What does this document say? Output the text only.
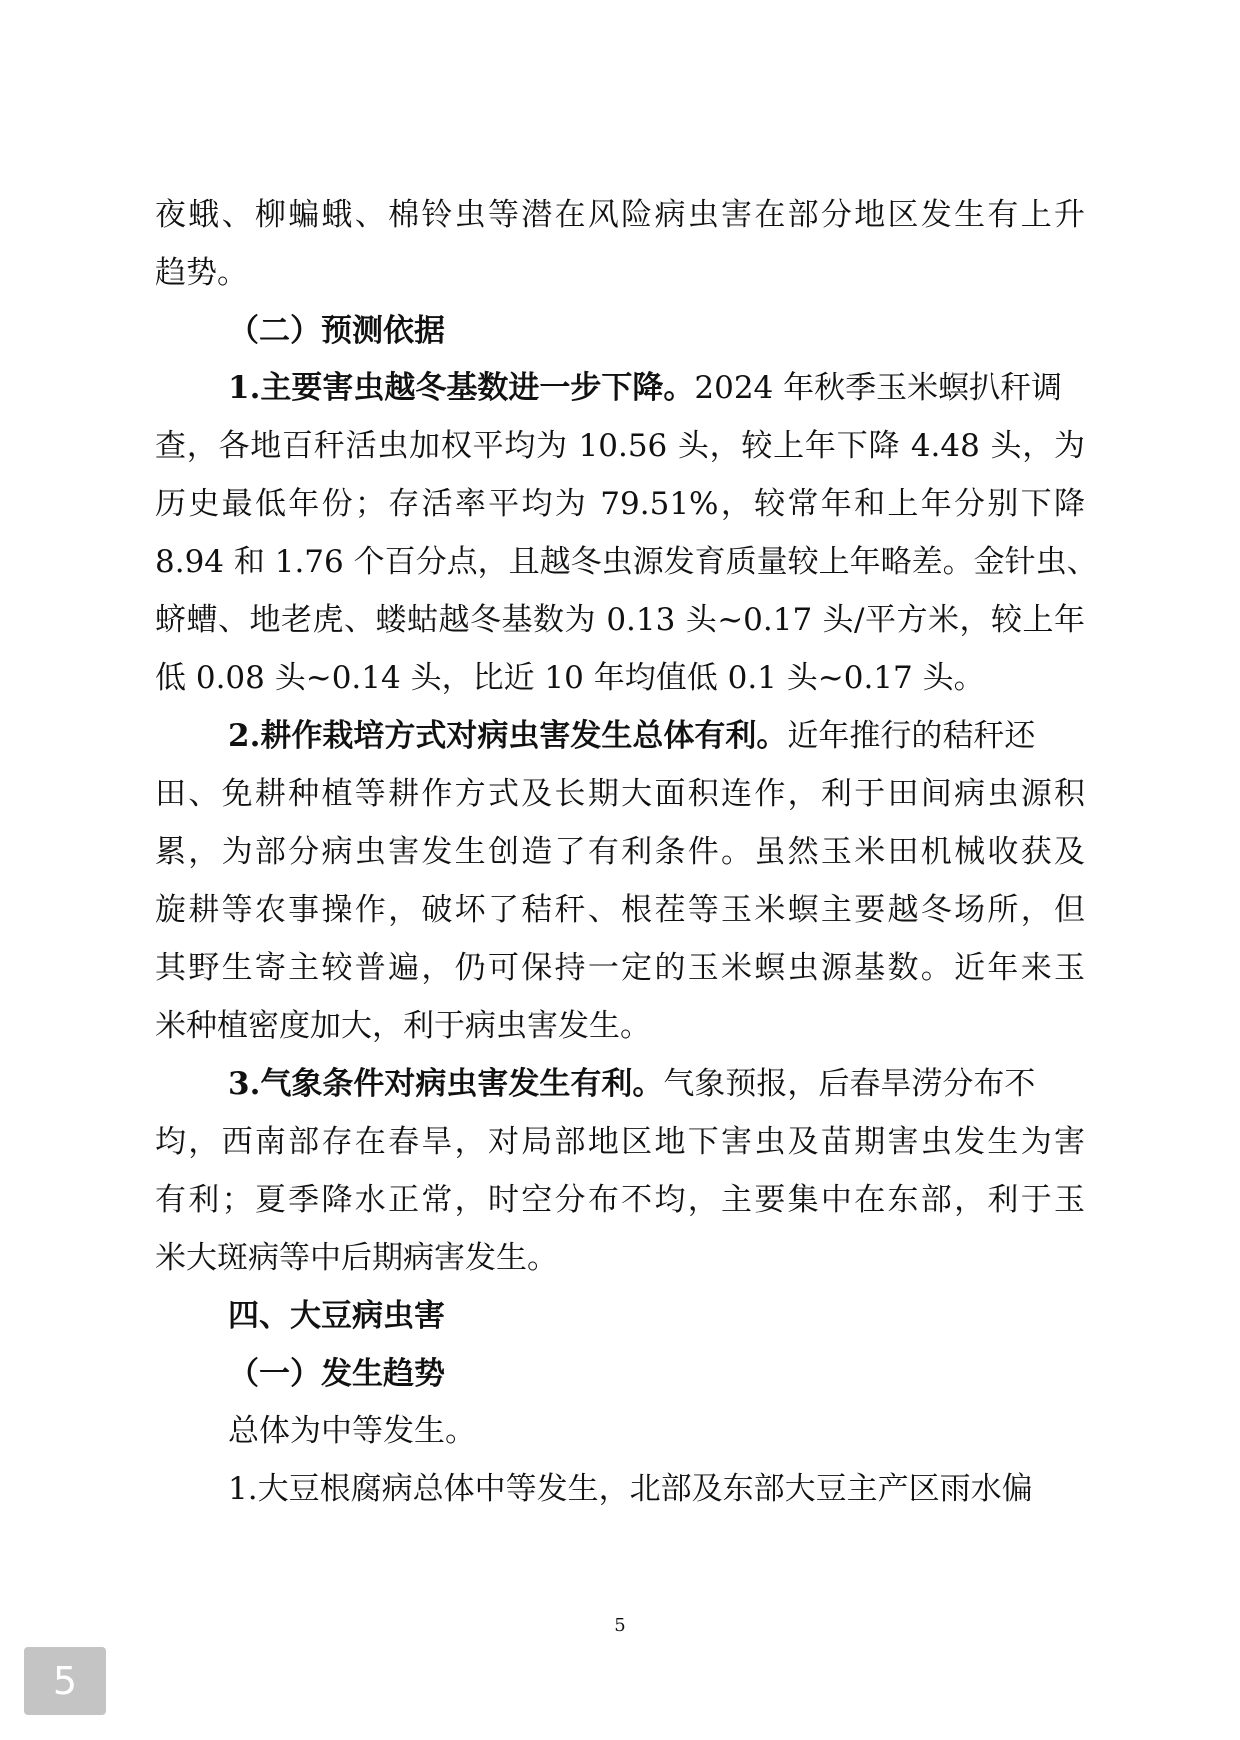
夜蛾、柳蝙蛾、棉铃虫等潜在风险病虫害在部分地区发生有上升
趋势。
（二）预测依据
1.主要害虫越冬基数进一步下降。2024 年秋季玉米螟扒秆调
查，各地百秆活虫加权平均为 10.56 头，较上年下降 4.48 头，为
历史最低年份；存活率平均为 79.51%，较常年和上年分别下降
8.94 和 1.76 个百分点，且越冬虫源发育质量较上年略差。金针虫、
蛴螬、地老虎、蝼蛄越冬基数为 0.13 头~0.17 头/平方米，较上年
低 0.08 头~0.14 头，比近 10 年均值低 0.1 头~0.17 头。
2.耕作栽培方式对病虫害发生总体有利。近年推行的秸秆还
田、免耕种植等耕作方式及长期大面积连作，利于田间病虫源积
累，为部分病虫害发生创造了有利条件。虽然玉米田机械收获及
旋耕等农事操作，破坏了秸秆、根茬等玉米螟主要越冬场所，但
其野生寄主较普遍，仍可保持一定的玉米螟虫源基数。近年来玉
米种植密度加大，利于病虫害发生。
3.气象条件对病虫害发生有利。气象预报，后春旱涝分布不
均，西南部存在春旱，对局部地区地下害虫及苗期害虫发生为害
有利；夏季降水正常，时空分布不均，主要集中在东部，利于玉
米大斑病等中后期病害发生。
四、大豆病虫害
（一）发生趋势
总体为中等发生。
1.大豆根腐病总体中等发生，北部及东部大豆主产区雨水偏
5
5
